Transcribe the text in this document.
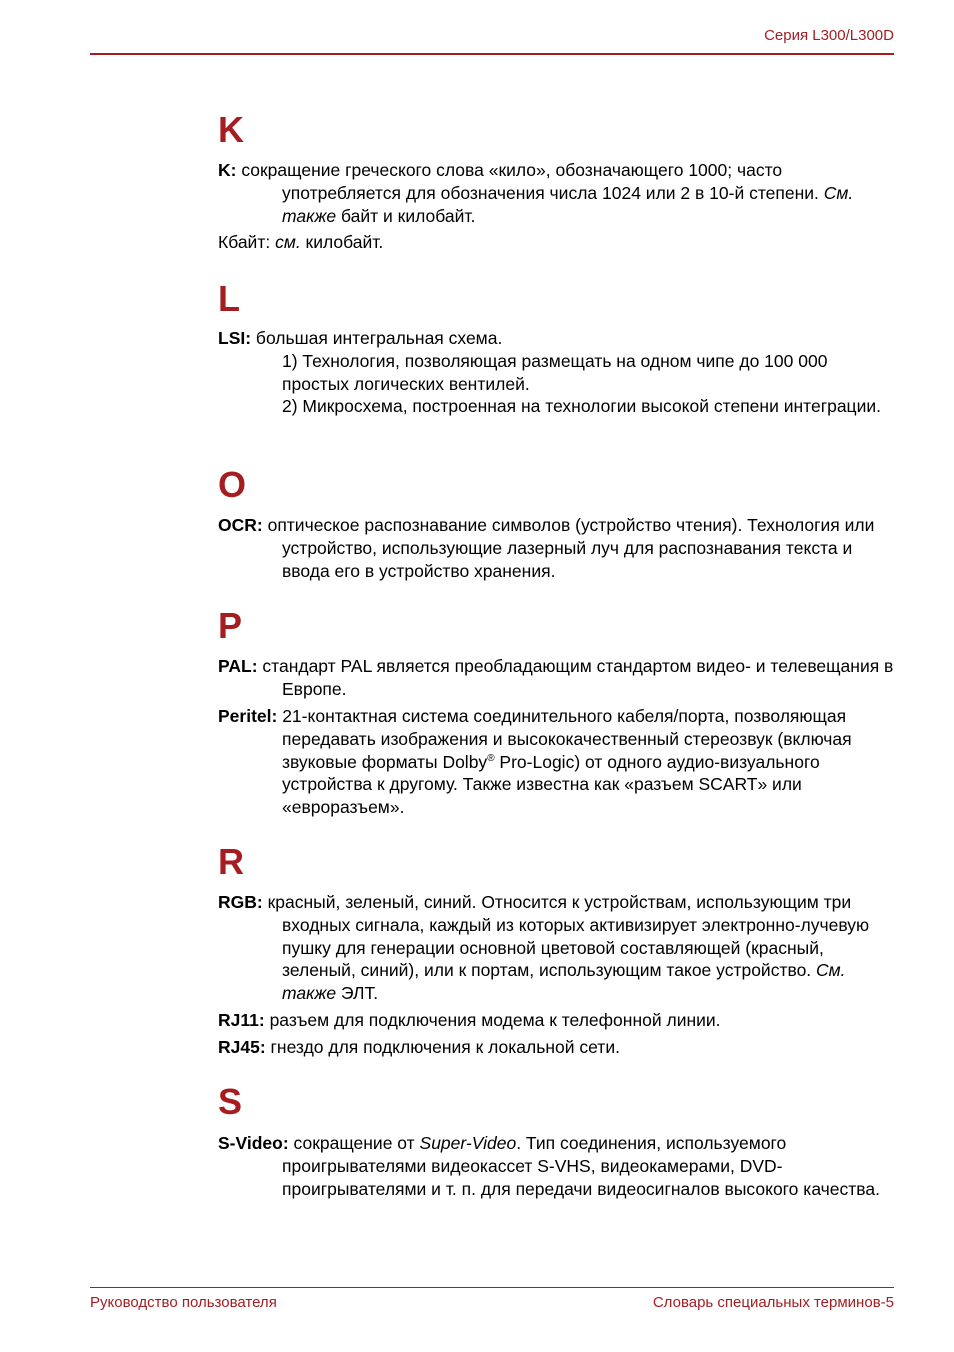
Серия L300/L300D
K
K: сокращение греческого слова «кило», обозначающего 1000; часто употребляется для обозначения числа 1024 или 2 в 10-й степени. См. также байт и килобайт.
Кбайт: см. килобайт.
L
LSI: большая интегральная схема.
1) Технология, позволяющая размещать на одном чипе до 100 000 простых логических вентилей.
2) Микросхема, построенная на технологии высокой степени интеграции.
O
OCR: оптическое распознавание символов (устройство чтения). Технология или устройство, использующие лазерный луч для распознавания текста и ввода его в устройство хранения.
P
PAL: стандарт PAL является преобладающим стандартом видео- и телевещания в Европе.
Peritel: 21-контактная система соединительного кабеля/порта, позволяющая передавать изображения и высококачественный стереозвук (включая звуковые форматы Dolby® Pro-Logic) от одного аудио-визуального устройства к другому. Также известна как «разъем SCART» или «евроразъем».
R
RGB: красный, зеленый, синий. Относится к устройствам, использующим три входных сигнала, каждый из которых активизирует электронно-лучевую пушку для генерации основной цветовой составляющей (красный, зеленый, синий), или к портам, использующим такое устройство. См. также ЭЛТ.
RJ11: разъем для подключения модема к телефонной линии.
RJ45: гнездо для подключения к локальной сети.
S
S-Video: сокращение от Super-Video. Тип соединения, используемого проигрывателями видеокассет S-VHS, видеокамерами, DVD-проигрывателями и т. п. для передачи видеосигналов высокого качества.
Руководство пользователя	Словарь специальных терминов-5
